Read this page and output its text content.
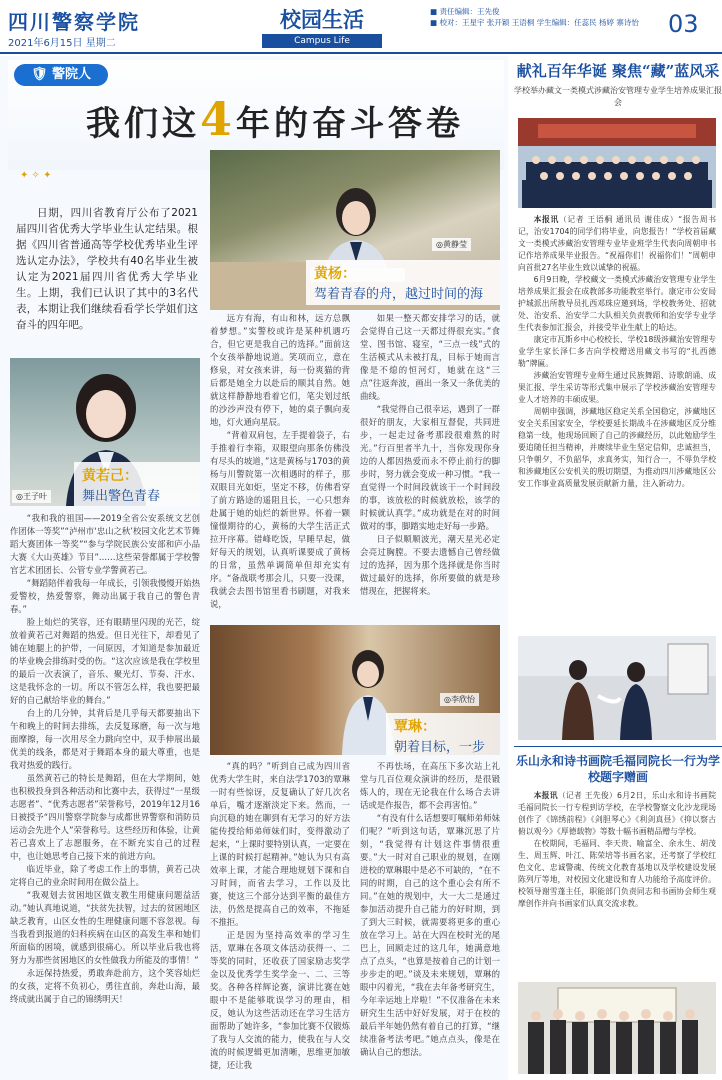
四川警察学院
2021年6月15日 星期二
校园生活
Campus Life
■ 责任编辑：王先俊
■ 校对：王星宇 张开颖 王语桐 学生编辑：任蕊民 杨婷 寨诗怡	03
🛡 警院人
我们这4年的奋斗答卷
✦ ✧ ✦
日期，四川省教育厅公布了2021届四川省优秀大学毕业生认定结果。根据《四川省普通高等学校优秀毕业生评选认定办法》，学校共有40名毕业生被认定为2021届四川省优秀大学毕业生。上期，我们已认识了其中的3名代表，本期让我们继续看看学长学姐们这奋斗的四年吧。
◎黄静莹
黄杨：
驾着青春的舟，越过时间的海
黄若己：
舞出警色青春
◎王子叶
◎李欣怡
覃琳：
朝着目标，一步

“我和我的祖国——2019全省公安系统文艺创作团体一等奖”“泸州市‘忠山之秋’校园文化艺术节舞蹈大赛团体一等奖”“参与学院民族公安部和庐小品大赛《大山英雄》节目”……这些荣誉都属于学校警官艺术团团长、公管专业学警黄若己。

“舞蹈陪伴着我每一年成长，引领我慢慢开始热爱警校，热爱警察，舞动出属于我自己的警色青春。”

脸上灿烂的笑容，还有眼睛里闪现的光芒，绽放着黄若己对舞蹈的热爱。但日光往下，却看见了铺在她腿上的护带，一问原因，才知道是参加最近的毕业晚会排练时受的伤。“这次应该是我在学校里的最后一次表演了，音乐、聚光灯、节奏、汗水、这是我怀念的一切。所以不管怎么样，我也要把最好的自己献给毕业的舞台。”

台上的几分钟，其背后是几乎每天都要抽出下午和晚上的时间去排练，去反复琢磨，每一次与地面摩擦，每一次用尽全力跳向空中，双手伸展出最优美的线条，都是对于舞蹈本身的最大尊重，也是我对热爱的践行。

虽然黄若己的特长是舞蹈，但在大学期间，她也积极投身到各种活动和比赛中去，获得过“一星级志愿者”、“优秀志愿者”荣誉称号，2019年12月16日被授予“四川警察学院参与成都世界警察和消防员运动会先进个人”荣誉称号。这些经历和体验，让黄若己喜欢上了志愿服务，在不断充实自己的过程中，也让她思考自己接下来的前进方向。

临近毕业，除了考虑工作上的事情，黄若己决定将自己的业余时间用在做公益上。

“我观划去贫困地区做支教生用健康问题益活动。”她认真地说道，“扶贫先扶智，过去的贫困地区缺乏教育，山区女性的生理健康问题不容忽视。每当我看到报道的妇科疾病在山区的高发生率和她们所面临的困境，就感到很痛心。所以毕业后我也将努力为那些贫困地区的女性做我力所能及的事情！”

永远保持热爱，勇敢奔赴前方，这个笑容灿烂的女孩，定将不负初心，勇往直前，奔赴山海，最终成就出属于自己的锦绣明天！

远方有海，有山和林，远方总飘着梦想。”实警校或许是某种机遇巧合，但它更是我自己的选择。”面前这个女孩举静地说道。笑项而立，意在修泉，对女孩来讲，每一份爽猫的背后都是她全力以赴后的顺其自然。她就这样静静地看着它们，笔尖划过纸的沙沙声没有停下，她的桌子飘向麦地，灯火通向星辰。

“背着双肩包，左手提着袋子，右手推着行李箱，双眼望向那条仿佛没有尽头的坡道，”这是黄杨与1703的黄杨与川警院第一次相遇时的样子，那双眼目光如炬，坚定不移，仿佛看穿了前方路途的遥阻且长，一心只想奔赴属于她的灿烂的新世界。怀着一颗憧憬期待的心，黄杨的大学生活正式拉开序幕。错峰吃饭，早睡早起，做好每天的规划，认真听课要成了黄杨的日常，虽然单调简单但却充实有序。“备战联考那会儿，只要一没课，我就会去图书馆里看书刷题，对我来说，

如果一整天都安排学习的话，就会觉得自己这一天都过得很充实。”食堂、图书馆、寝室，“三点一线”式的生活模式从未被打乱，目标于她而言像是不熄的恒河灯，她就在这“三点”往返奔波，画出一条又一条优美的曲线。

“我觉得自己很幸运，遇到了一群很好的朋友，大家相互督促，共同进步，一起走过备考那段很难熬的时光。”行百里者半九十，当你发现你身边的人都因热爱而永不停止前行的脚步时，努力就会变成一种习惯。“我一直觉得一个时间段就该干一个时间段的事，该放松的时候就放松，该学的时候就认真学。”成功就是在对的时间做对的事，脚踏实地走好每一步路。

日子似顺顺波光，潮天星光必定会亮过胸膛。不要去遗憾自己曾经做过的选择，因为那个选择就是你当时做过最好的选择，你所要做的就是珍惜现在，把握将来。

“真的吗？”听到自己成为四川省优秀大学生时，来自法学1703的覃琳一时有些惊讶，反复确认了好几次名单后，嘴才逐渐淡定下来。然而，一向沉稳的她在聊到有无学习的好方法能传授给师弟师妹们时，变得激动了起来，“上课时要特别认真，一定要在上课的时候打起精神。”她认为只有高效率上课，才能合理地规划下课和自习时间，而省去学习，工作以及比赛，使这三个部分达到平衡的最佳方法，仍然是提高自己的效率，不拖延不推拒。

正是因为坚持高效率的学习生活，覃琳在各项文体活动获得一、二等奖的同时，还收获了国家励志奖学金以及优秀学生奖学金一、二、三等奖。各种各样辉论赛，演讲比赛在她眼中不是能够耽误学习的理由，相反，她认为这些活动还在学习生活方面帮助了她许多，“参加比赛不仅锻炼了我与人交流的能力，使我在与人交流的时候逻辑更加清晰，思维更加敏捷，还让我

不再怯场，在高压下多次站上礼堂与几百位观众演讲的经历，是很锻炼人的，现在无论我在什么场合去讲话或是作报告，都不会再害怕。”

“有没有什么话想要叮嘱师弟师妹们呢？”听到这句话，覃琳沉思了片刻，“我觉得有计划这件事情很重要。”大一时对自己职业的规划，在刚进校的覃琳眼中是必不可缺的，“在不同的时期，自己的这个重心会有所不同。”在她的规划中，大一大二是通过参加活动提升自己能力的好时期，到了到大三时候，就需要将更多的重心放在学习上。站在大四在校时光的尾巴上，回顾走过的这几年，她满意地点了点头，“也算是按着自己的计划一步步走的吧。”谈及未来规划，覃琳的眼中闪着光，“我在去年备考研究生，今年幸运地上岸啦！”不仅准备在未来研究生生活中好好发展，对于在校的最后半年她仍然有着自己的打算，“继续准备考法考吧。”她点点头，像是在确认自己的想法。

献礼百年华诞 聚焦“藏”蓝风采
学校举办藏文一类模式涉藏治安管理专业学生培养成果汇报会

本报讯（记者 王语桐 通讯员 谢佳成）“报告周书记，治安1704的同学们将毕业，向您报告！”学校首届藏文一类模式涉藏治安管理专业毕业班学生代表向周朝申书记作培养成果毕业报告。“祝福你们！祝福你们！”周朝申向首批27名毕业生致以诚挚的祝福。

6月9日晚，学校藏文一类模式涉藏治安管理专业学生培养成果汇报会在成教部多功能教室举行。康定市公安局护城派出所教导员扎西邓珠应邀到场，学校教务处、招就处、治安系、治安学二大队相关负责教师和治安学专业学生代表参加汇报会，并接受毕业生献上的哈达。

康定市瓦斯乡中心校校长、学校18级涉藏治安管理专业学生家长泽仁多吉向学校赠送用藏文书写的“扎西德勒”牌匾。

涉藏治安管理专业师生通过民族舞蹈、诗歌朗诵、成果汇报、学生采访等形式集中展示了学校涉藏治安管理专业人才培养的丰硕成果。

周朝申强调，涉藏地区稳定关系全国稳定，涉藏地区安全关系国家安全，学校要延长期战斗在涉藏地区反分维稳第一线，他现场回顾了自己的涉藏经历，以此勉励学生要追随任担当精神，并赓续毕业生坚定信仰，忠诚担当，只争朝夕，不负韶华，求真务实，知行合一，不辱负学校和涉藏地区公安机关的殷切期望，为推动四川涉藏地区公安工作事业高质量发展贡献新力量，注入新动力。

乐山永和诗书画院毛福同院长一行为学校题字赠画

本报讯（记者 王先俊）6月2日，乐山永和诗书画院毛福同院长一行专程到访学校，在学校警察文化沙龙现场创作了《锦绣前程》《剑胆琴心》《利剑真昼》《抑以察古 俯以观今》《厚德载物》等数十幅书画精品赠与学校。

在校期间，毛福同、李天贵、喻富全、余永生、胡茂生、周玉辉、叶江、陈荣培等书画名家，还考察了学校红色文化、忠诚警魂、传统文化教育基地以及学校建设发展陈列厅等地，对校园文化建设和育人功能给予高度评价。校领导谢雪蓬主任，职能部门负责同志和书画协会师生观摩创作并向书画家们认真交流求教。
